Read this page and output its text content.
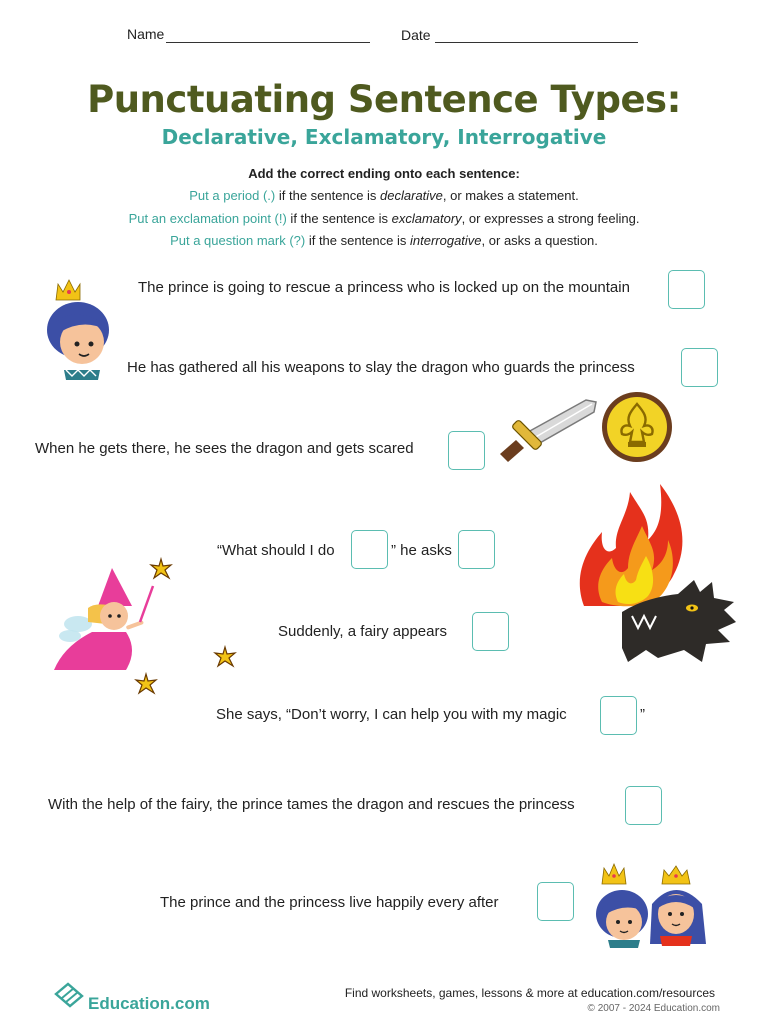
Name	Date
Punctuating Sentence Types:
Declarative, Exclamatory, Interrogative
Add the correct ending onto each sentence:
Put a period (.) if the sentence is declarative, or makes a statement.
Put an exclamation point (!) if the sentence is exclamatory, or expresses a strong feeling.
Put a question mark (?) if the sentence is interrogative, or asks a question.
The prince is going to rescue a princess who is locked up on the mountain
He has gathered all his weapons to slay the dragon who guards the princess
When he gets there, he sees the dragon and gets scared
“What should I do	” he asks
Suddenly, a fairy appears
She says, “Don’t worry, I can help you with my magic	”
With the help of the fairy, the prince tames the dragon and rescues the princess
The prince and the princess live happily every after
Education.com
Find worksheets, games, lessons & more at education.com/resources
© 2007 - 2024 Education.com
